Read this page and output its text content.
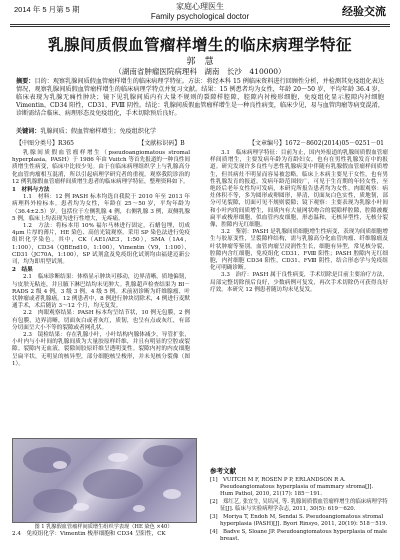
2014 年 5 月第 5 期	家庭心理医生
Family psychological doctor	经验交流
乳腺间质假血管瘤样增生的临床病理学特征
郭　慧
（湖南省肿瘤医院病理科　湖南　长沙　410000）
摘要：目的：观察乳腺间质假血管瘤样增生的临床病理学特征。方法：将经本科 15 例临床资料进行回顾性分析，并检测其免疫组化表达情况，观察乳腺间质假血管瘤样增生的临床病理学特点并复习文献。结果：15 例患者均为女性，年龄 20～50 岁，平均年龄 36.4 岁，临床表现为乳腺无痛性肿块；镜下见乳腺间质内有大量不规则的裂隙样腔隙，腔隙内衬梭形细胞，免疫组化显示腔隙内衬细胞 Vimentin、CD34 阳性，CD31、FⅧ 阴性。结论：乳腺间质假血管瘤样增生是一种良性病变，临床少见，易与血管肉瘤等病变混淆，诊断需结合临床、病理形态及免疫组化，手术切除预后良好。
关键词：乳腺间质；假血管瘤样增生；免疫组织化学
【中图分类号】R365	【文献标识码】B	【文章编号】1672－8602(2014)05－0251－01

乳腺间质假血管瘤样增生（pseudoangiomatous stromal hyperplasia，PASH）于 1986 年由 Vuitch 等首先报道的一种良性间质增生性病变，临床中比较少见。由于在临床病理组织学上与乳腺高分化血管肉瘤相互混淆，所以引起病理学研究者的重视。观察我院诊治的 12 例乳腺假血管瘤样间质增生患者的临床病理学特征，整理资料如下。

1　材料与方法

1.1　材料：12 例 PASH 标本均选自我院于 2010 年至 2013 年病理科外检标本。患者均为女性，年龄在 25～50 岁，平均年龄为（36.4±2.5）岁。包括位于左侧乳腺 4 例，右侧乳腺 3 例，双侧乳腺 5 例，临床上均表现为进行性增大，无疼痛。

1.2　方法：将标本用 10% 福尔马林进行固定，石蜡包埋，切成 4μm 片厚的薄片，HE 染色、高倍光镜观察。采用 SP 染色法进行免疫组织化学染色。其中，CK（AE1/AE3，1:50），SMA（1A4，1:100），CD34（QBEnd10，1:100），Vimentin（V9，1:100），CD31（JC70A，1:100），SP 试剂盒及免疫组化试剂均由福建迈新公司，均为即用型试剂。

2　结果

2.1　临床诊断结果：体格显示肿块可移动，边界清晰，质地偏韧，与皮肤无粘连，并且腋下淋巴结均未见肿大。乳腺超声检查结果为 BI－RADS 2 级 4 例，3 级 3 例，4 级 5 例。术前初诊断为纤维腺瘤、叶状肿瘤或者乳腺癌。12 例患者中，8 例进行肿块切除术，4 例进行麦默通手术，术后随访 3～12 个月，均无复发。

2.2　肉眼观察结果：PASH 标本均呈结节状，10 例无包膜，2 例有包膜，边界清晰，切面灰白或者灰红，质韧，也呈有点或灰红，有部分切面呈大小不等的裂隙或者网孔状。

2.3　镜检结果：存在乳腺小叶，小叶结构内腺体减少，导管扩张，小叶内与小叶间的乳腺间质为大量胶原样纤维，并且有明显的空腔或裂隙。裂隙内无血液，裂隙间胶原纤维呈透明变性。裂隙内衬的内皮细胞呈扁平状，无明显的核异型，部分细胞核呈梭形，并未见核分裂像（图 1）。

图 1 乳腺假血管瘤样间质增生组织学表现（HE 染色 ×40）

2.4　免疫组化学：Vimentin 梭形细胞和 CD34 呈阳性，CK

3.1　临床病理学特征：目前为止，国内外报道的乳腺间质假血管瘤样间质增生，主要发病年龄为育龄妇女，也有在男性乳腺发育中的报道。研究发现许多良性与恶性乳腺病变中伴随有乳腺假血管瘤样间质增生，但其病灶不明显而容易被忽略。临床上本病主要见于女性，也有男性乳腺发育的报道。发病年龄范围较广，可见于生育期的年轻女性，至绝经后老年女性均可发病，本研究所报告患者均为女性。肉眼观察：病灶体积不等，多为圆形或卵圆形，界清，切面灰白色实性，质地韧，部分可见裂隙，切面可见不规则裂隙；镜下观察：主要表现为乳腺小叶间和小叶内的间质增生，间质内有大量网状吻合的裂隙样腔隙，腔隙被覆扁平或梭形细胞，似血管内皮细胞，形态温和，无核异型性，无核分裂像，腔隙内无红细胞。

3.2　鉴别：PASH 是乳腺间质细胞增生性病变，表现为间质细胞增生与胶原变性，呈裂隙样结构，需与乳腺高分化血管肉瘤、纤维腺瘤及叶状肿瘤等鉴别。血管肉瘤呈浸润性生长，细胞有异型，常见核分裂，腔隙内含红细胞，免疫组化 CD31、FⅧ 阳性；PASH 腔隙内无红细胞，内衬细胞 CD34 阳性，CD31、FⅧ 阴性，结合形态学与免疫组化可明确诊断。

3.3　治疗：PASH 属于良性病变，手术切除是目前主要治疗方法，局部完整切除预后良好，少数病例可复发，再次手术切除仍可获得良好疗效。本研究 12 例患者随访均未见复发。

参考文献

[1]　VUITCH M F, ROSEN P P, ERLANDSON R A. Pseudoangiomatous hyperplasia of mammary stroma[J]. Hum Pathol, 2010, 21(17): 185－191.

[2]　郑红艺, 张宜生, 吴培河, 等. 乳腺间质假血管瘤样增生的临床病理学特征[J]. 临床与实验病理学杂志, 2011, 30(5): 619－620.

[3]　Moriya T, Endoh M, Sendai S. Pseudoangiomatous stromal hyperplasia (PASH)[J]. Byori Rinsyo, 2011, 20(19): 518－519.

[4]　Badve S, Sloane JP. Pseudoangiomatous hyperplasia of male breast.
